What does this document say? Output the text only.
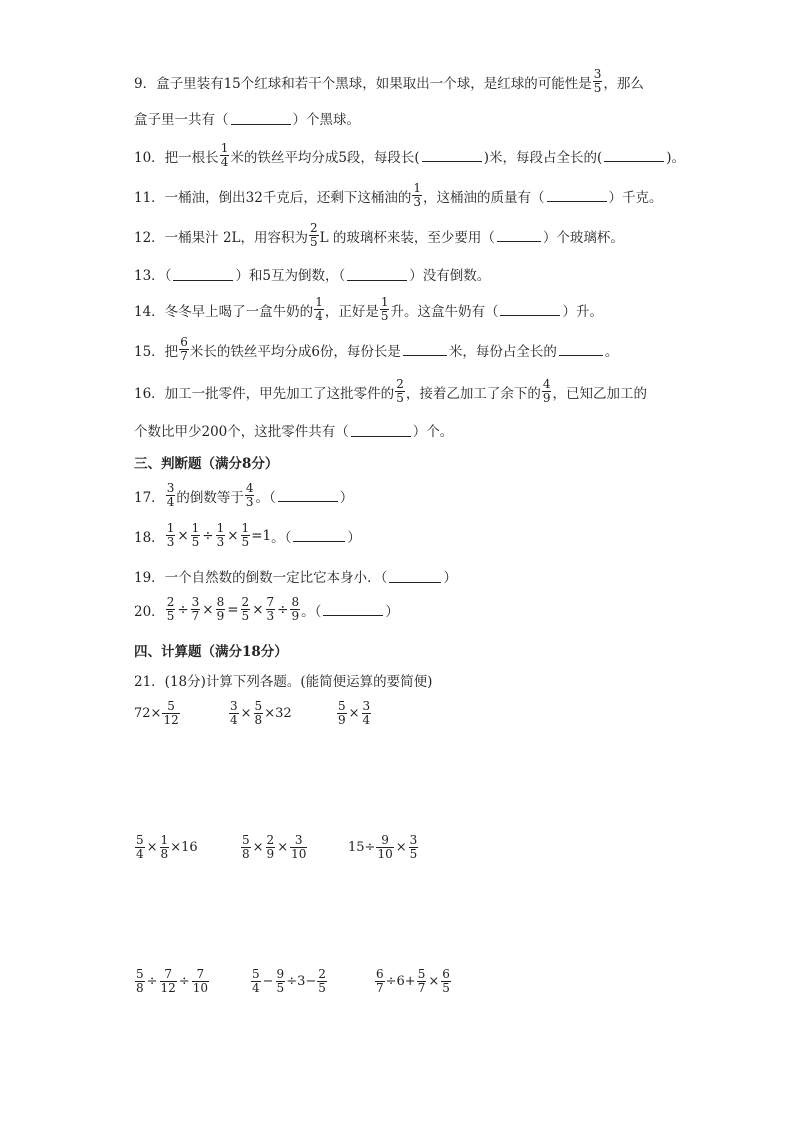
9．盒子里装有15个红球和若干个黑球，如果取出一个球，是红球的可能性是 $\frac{3}{5}$ ，那么
盒子里一共有（	）个黑球。
10．把一根长 $\frac{1}{4}$ 米的铁丝平均分成5段，每段长(	)米，每段占全长的(	)。
11．一桶油，倒出32千克后，还剩下这桶油的 $\frac{1}{3}$ ，这桶油的质量有（	）千克。
12．一桶果汁 2L，用容积为 $\frac{2}{5}$ L 的玻璃杯来装，至少要用（	）个玻璃杯。
13．（	）和5互为倒数，（	）没有倒数。
14．冬冬早上喝了一盒牛奶的 $\frac{1}{4}$ ，正好是 $\frac{1}{5}$ 升。这盒牛奶有（	）升。
15．把 $\frac{6}{7}$ 米长的铁丝平均分成6份，每份长是	米，每份占全长的	。
16．加工一批零件，甲先加工了这批零件的 $\frac{2}{5}$ ，接着乙加工了余下的 $\frac{4}{9}$ ，已知乙加工的
个数比甲少200个，这批零件共有（	）个。
三、判断题（满分8分）
17． $\frac{3}{4}$ 的倒数等于 $\frac{4}{3}$ 。（	）
18． $\frac{1}{3} \times \frac{1}{5} \div \frac{1}{3} \times \frac{1}{5} =1$ 。（	）
19．一个自然数的倒数一定比它本身小．（	）
20． $\frac{2}{5} \div \frac{3}{7} \times \frac{8}{9} = \frac{2}{5} \times \frac{7}{3} \div \frac{8}{9}$ 。（	）
四、计算题（满分18分）
21．(18分)计算下列各题。(能简便运算的要简便)
$72\times \frac{5}{12}$	$\frac{3}{4} \times \frac{5}{8} \times 32$	$\frac{5}{9} \times \frac{3}{4}$
$\frac{5}{4} \times \frac{1}{8} \times 16$	$\frac{5}{8} \times \frac{2}{9} \times \frac{3}{10}$	$15\div \frac{9}{10} \times \frac{3}{5}$
$\frac{5}{8} \div \frac{7}{12} \div \frac{7}{10}$	$\frac{5}{4} - \frac{9}{5} \div 3- \frac{2}{5}$	$\frac{6}{7} \div 6+ \frac{5}{7} \times \frac{6}{5}$
